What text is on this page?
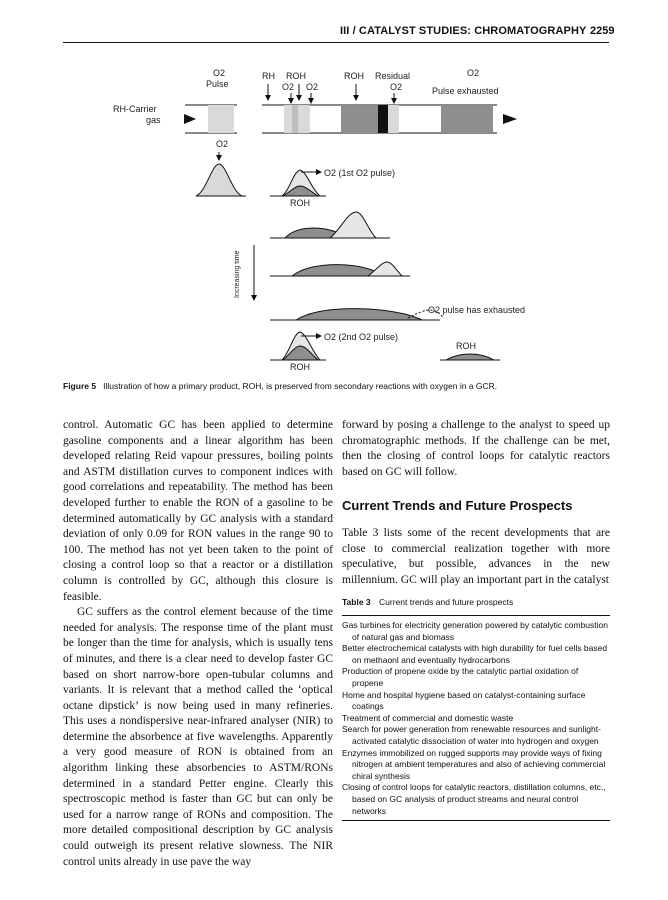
III / CATALYST STUDIES: CHROMATOGRAPHY 2259
O2
Pulse
RH ROH
O2 O2
ROH Residual
O2
O2
Pulse exhausted
RH-Carrier
gas
O2
O2 (1st O2 pulse)
ROH
Increasing time
O2 pulse has exhausted
O2 (2nd O2 pulse)
ROH
ROH
Figure 5 Illustration of how a primary product, ROH, is preserved from secondary reactions with oxygen in a GCR.

control. Automatic GC has been applied to determine gasoline components and a linear algorithm has been developed relating Reid vapour pressures, boiling points and ASTM distillation curves to component indices with good correlations and repeatability. The method has been developed further to enable the RON of a gasoline to be determined automatically by GC analysis with a standard deviation of only 0.09 for RON values in the range 90 to 100. The method has not yet been taken to the point of closing a control loop so that a reactor or a distillation column is controlled by GC, although this closure is feasible.

GC suffers as the control element because of the time needed for analysis. The response time of the plant must be longer than the time for analysis, which is usually tens of minutes, and there is a clear need to develop faster GC based on short narrow-bore open-tubular columns and variants. It is relevant that a method called the ‘optical octane dipstick’ is now being used in many refineries. This uses a nondispersive near-infrared analyser (NIR) to determine the absorbence at five wavelengths. Apparently a very good measure of RON is obtained from an algorithm linking these absorbencies to ASTM/RONs determined in a standard Petter engine. Clearly this spectroscopic method is faster than GC but can only be used for a narrow range of RONs and composition. The more detailed compositional description by GC analysis could outweigh its present relative slowness. The NIR control units already in use pave the way

forward by posing a challenge to the analyst to speed up chromatographic methods. If the challenge can be met, then the closing of control loops for catalytic reactors based on GC will follow.

Current Trends and Future Prospects

Table 3 lists some of the recent developments that are close to commercial realization together with more speculative, but possible, advances in the new millennium. GC will play an important part in the catalyst

Table 3 Current trends and future prospects
Gas turbines for electricity generation powered by catalytic combustion of natural gas and biomass
Better electrochemical catalysts with high durability for fuel cells based on methaonl and eventually hydrocarbons
Production of propene oxide by the catalytic partial oxidation of propene
Home and hospital hygiene based on catalyst-containing surface coatings
Treatment of commercial and domestic waste
Search for power generation from renewable resources and sunlight-activated catalytic dissociation of water into hydrogen and oxygen
Enzymes immobilized on rugged supports may provide ways of fixing nitrogen at ambient temperatures and also of achieving commercial chiral synthesis
Closing of control loops for catalytic reactors, distillation columns, etc., based on GC analysis of product streams and neural control networks
